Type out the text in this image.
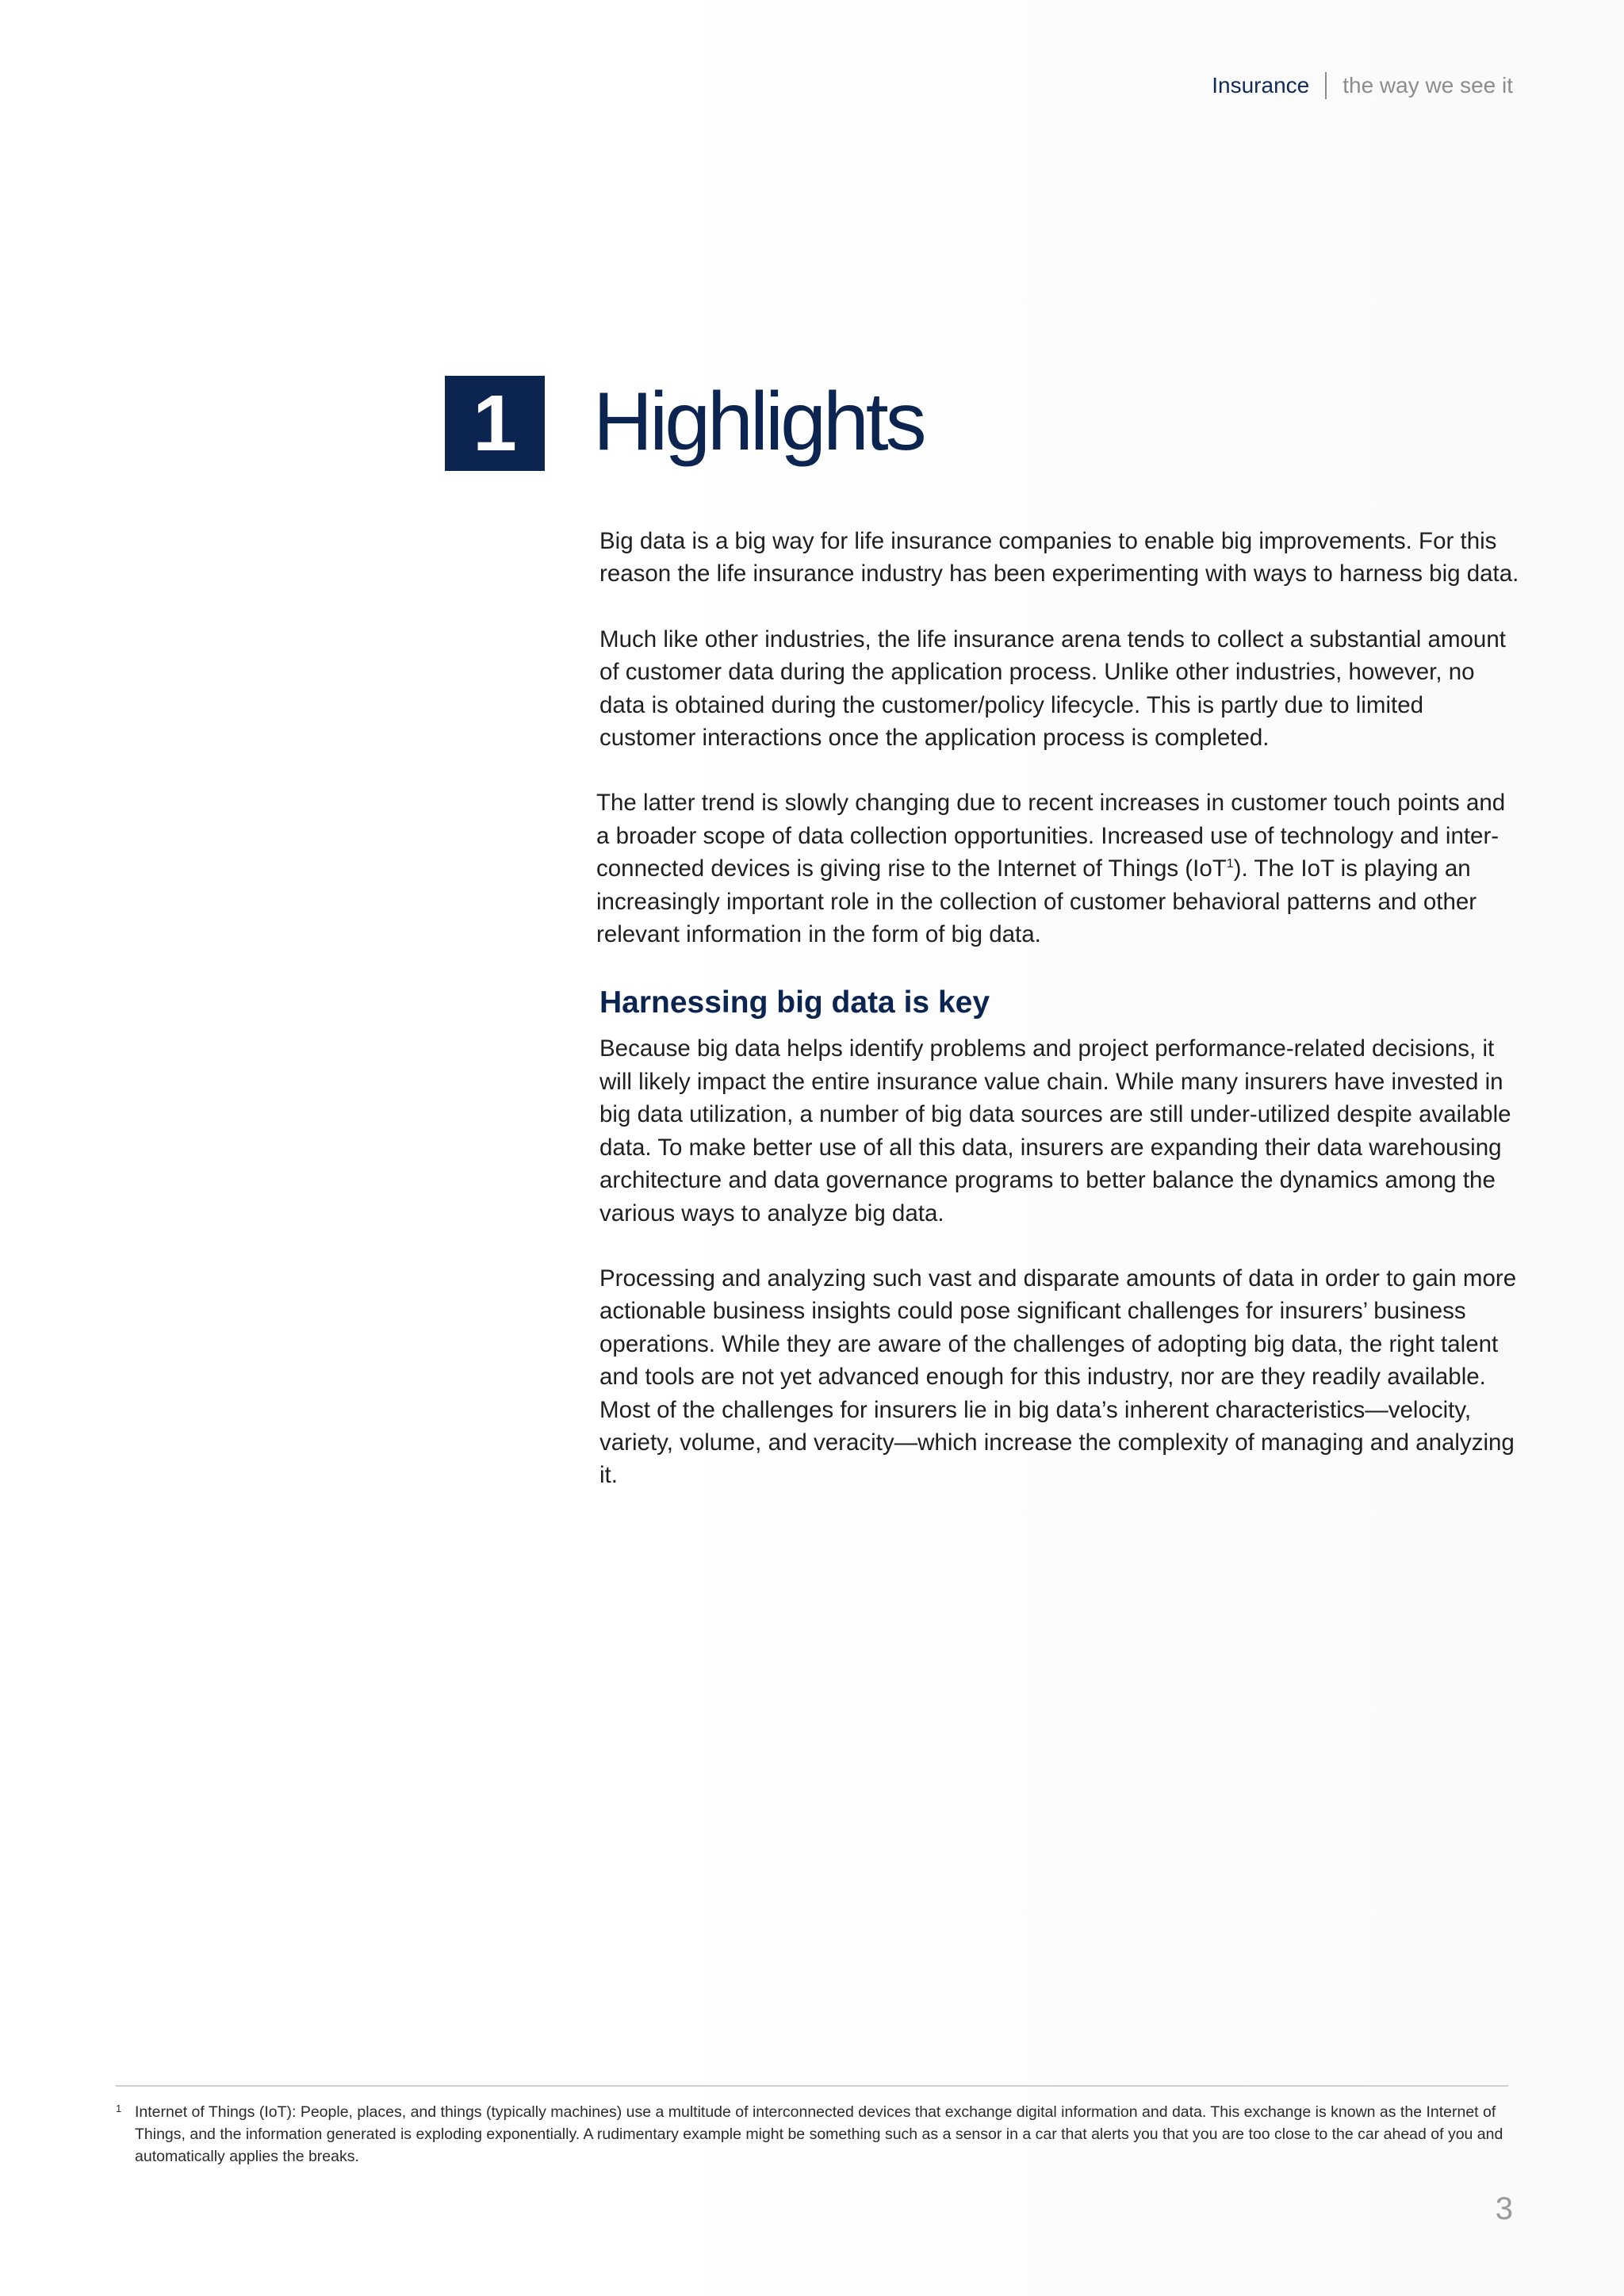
Insurance the way we see it
1 Highlights

Big data is a big way for life insurance companies to enable big improvements. For this reason the life insurance industry has been experimenting with ways to harness big data.

Much like other industries, the life insurance arena tends to collect a substantial amount of customer data during the application process. Unlike other industries, however, no data is obtained during the customer/policy lifecycle. This is partly due to limited customer interactions once the application process is completed.

The latter trend is slowly changing due to recent increases in customer touch points and a broader scope of data collection opportunities. Increased use of technology and inter-connected devices is giving rise to the Internet of Things (IoT$^1$). The IoT is playing an increasingly important role in the collection of customer behavioral patterns and other relevant information in the form of big data.

Harnessing big data is key

Because big data helps identify problems and project performance-related decisions, it will likely impact the entire insurance value chain. While many insurers have invested in big data utilization, a number of big data sources are still under-utilized despite available data. To make better use of all this data, insurers are expanding their data warehousing architecture and data governance programs to better balance the dynamics among the various ways to analyze big data.

Processing and analyzing such vast and disparate amounts of data in order to gain more actionable business insights could pose significant challenges for insurers’ business operations. While they are aware of the challenges of adopting big data, the right talent and tools are not yet advanced enough for this industry, nor are they readily available. Most of the challenges for insurers lie in big data’s inherent characteristics—velocity, variety, volume, and veracity—which increase the complexity of managing and analyzing it.

1 Internet of Things (IoT): People, places, and things (typically machines) use a multitude of interconnected devices that exchange digital information and data. This exchange is known as the Internet of Things, and the information generated is exploding exponentially. A rudimentary example might be something such as a sensor in a car that alerts you that you are too close to the car ahead of you and automatically applies the breaks.
3
